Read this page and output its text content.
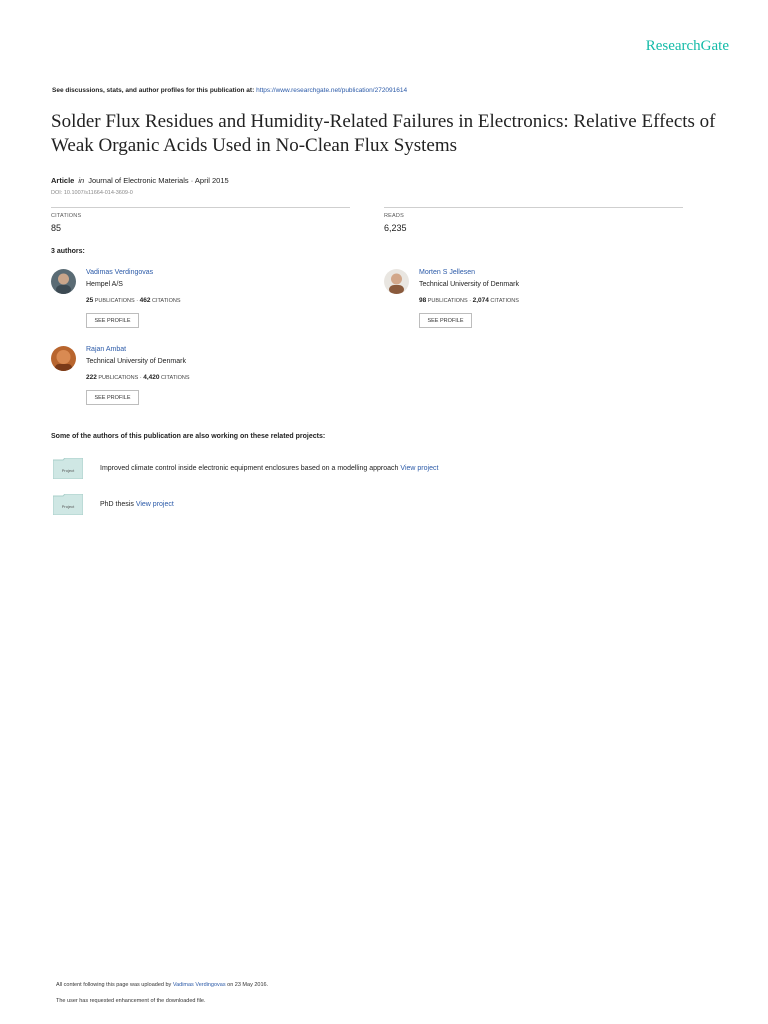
ResearchGate
See discussions, stats, and author profiles for this publication at: https://www.researchgate.net/publication/272091614
Solder Flux Residues and Humidity-Related Failures in Electronics: Relative Effects of Weak Organic Acids Used in No-Clean Flux Systems
Article in Journal of Electronic Materials · April 2015
DOI: 10.1007/s11664-014-3609-0
CITATIONS
85
READS
6,235
3 authors:
Vadimas Verdingovas
Hempel A/S
25 PUBLICATIONS · 462 CITATIONS
SEE PROFILE
Morten S Jellesen
Technical University of Denmark
98 PUBLICATIONS · 2,074 CITATIONS
SEE PROFILE
Rajan Ambat
Technical University of Denmark
222 PUBLICATIONS · 4,420 CITATIONS
SEE PROFILE
Some of the authors of this publication are also working on these related projects:
Project	Improved climate control inside electronic equipment enclosures based on a modelling approach View project
Project	PhD thesis View project
All content following this page was uploaded by Vadimas Verdingovas on 23 May 2016.
The user has requested enhancement of the downloaded file.
